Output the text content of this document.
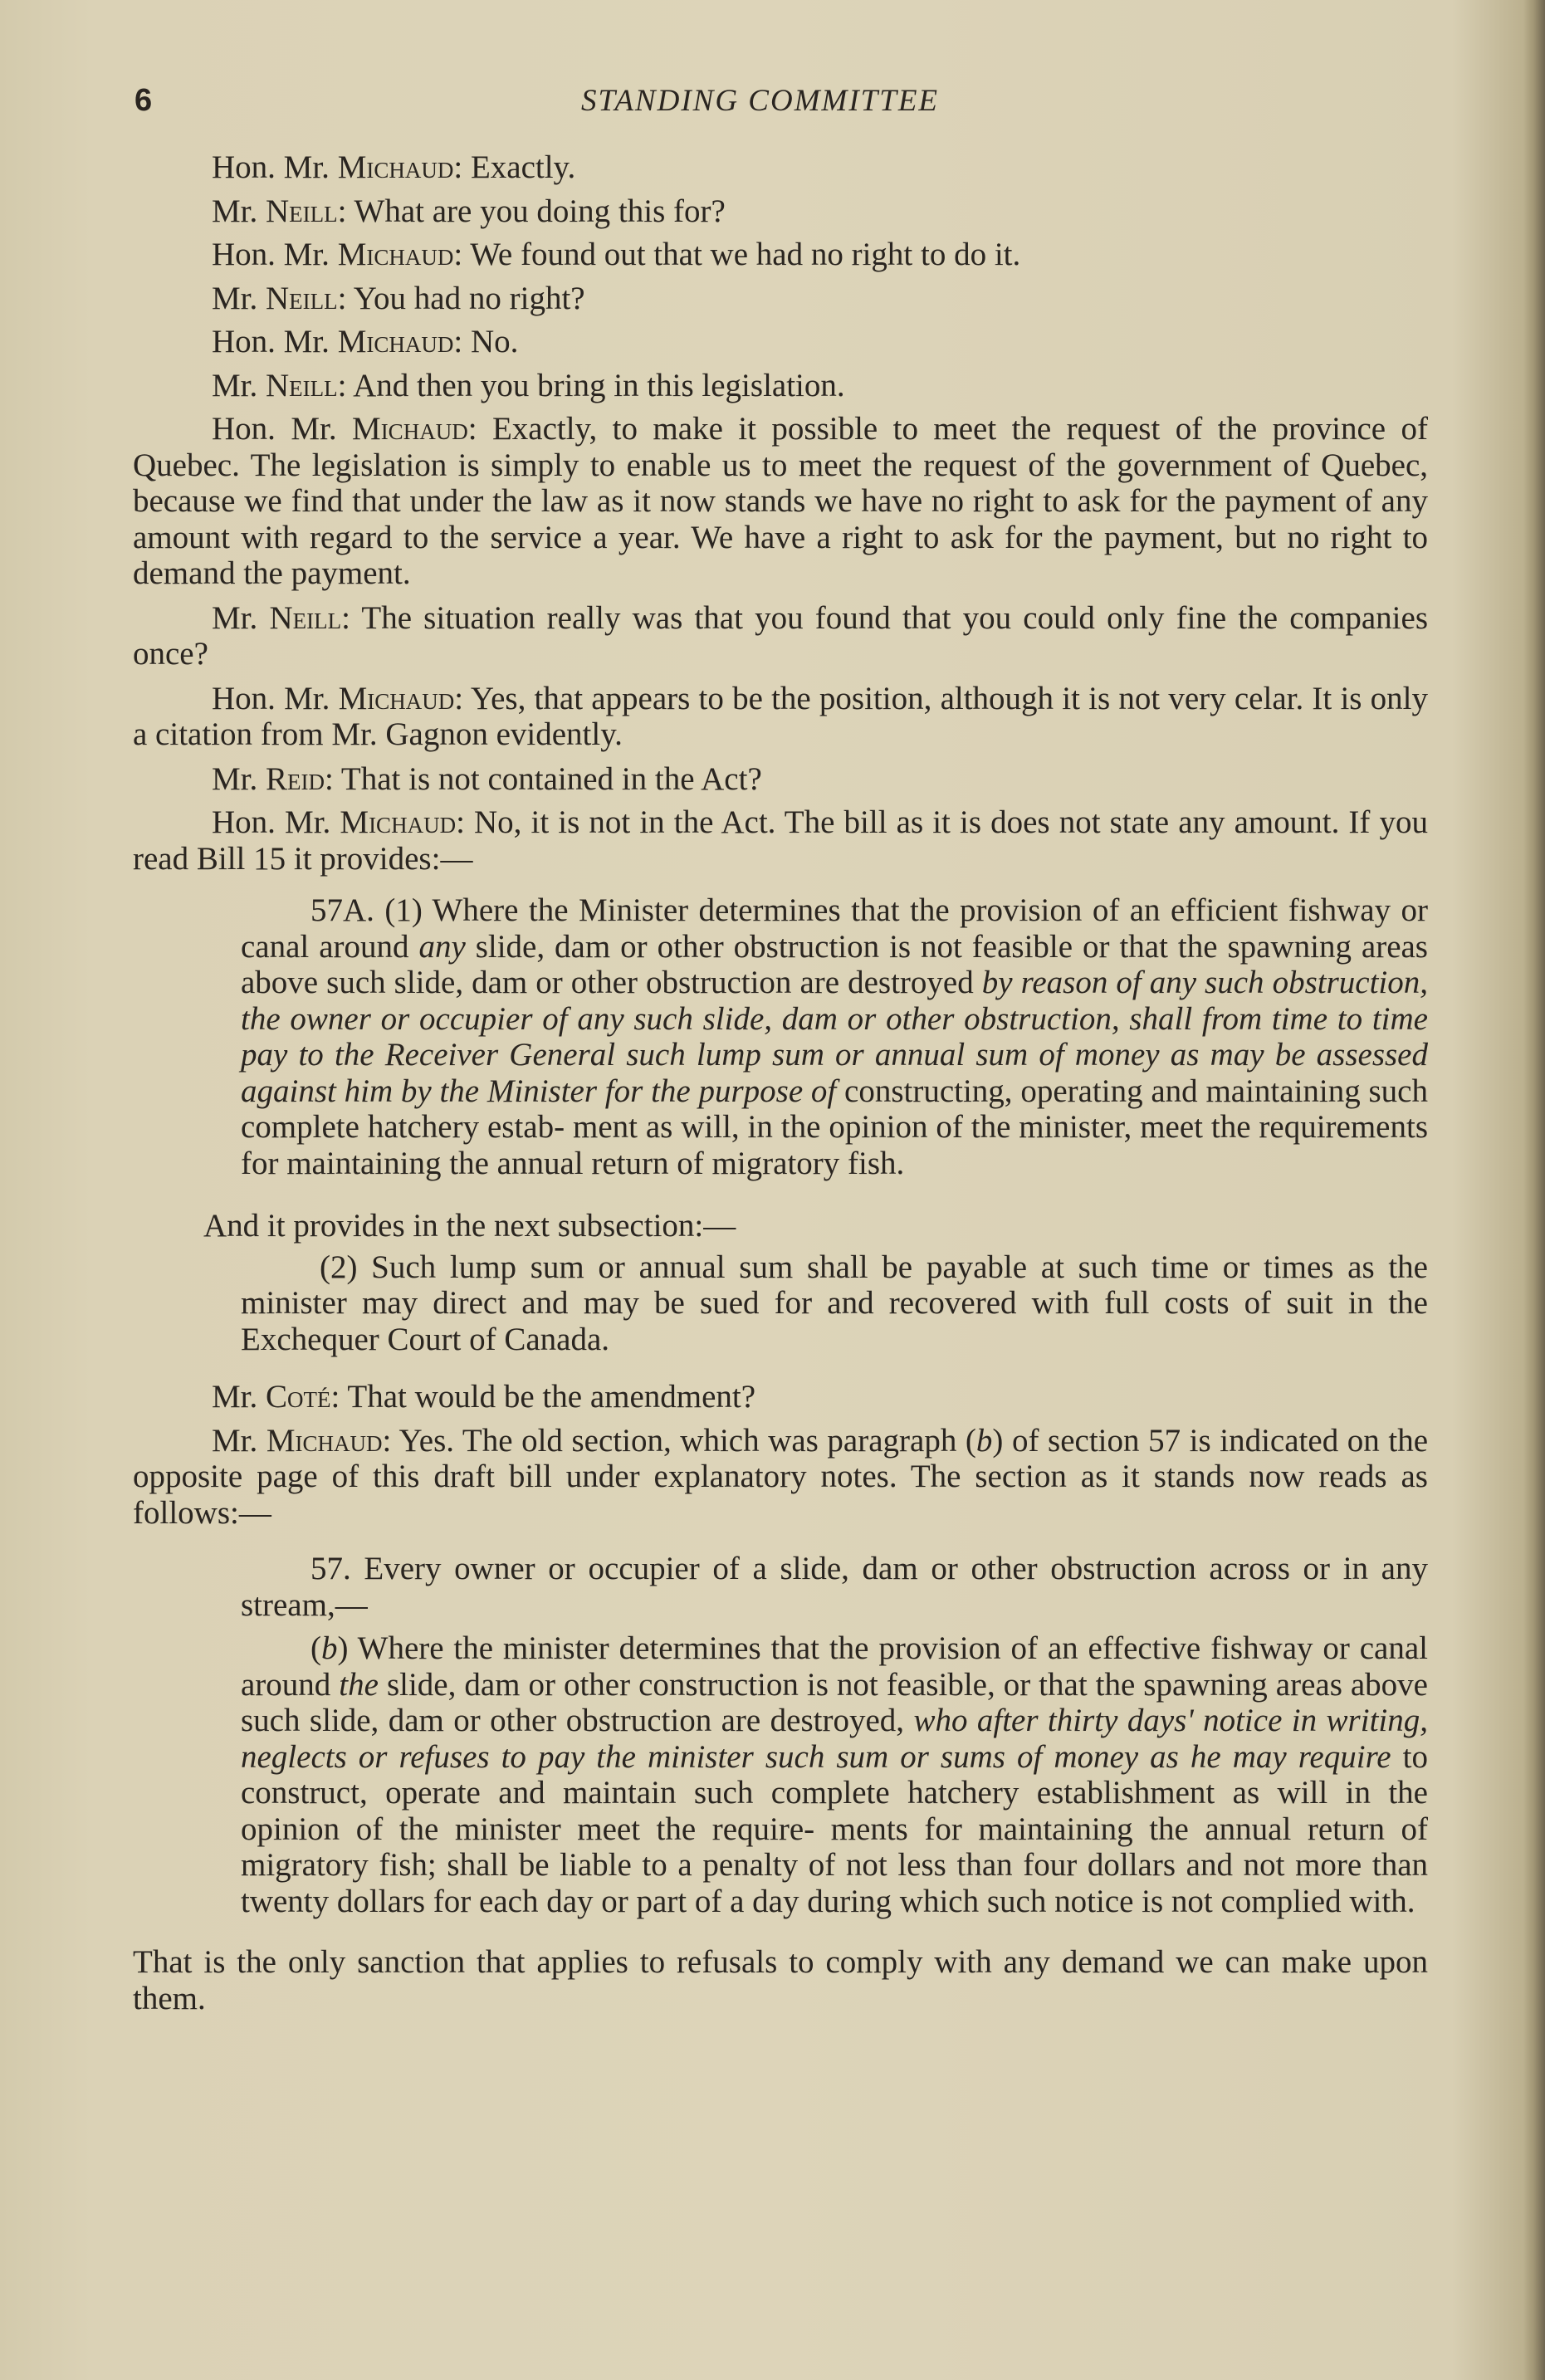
6	STANDING COMMITTEE

Hon. Mr. Michaud: Exactly.

Mr. Neill: What are you doing this for?

Hon. Mr. Michaud: We found out that we had no right to do it.

Mr. Neill: You had no right?

Hon. Mr. Michaud: No.

Mr. Neill: And then you bring in this legislation.

Hon. Mr. Michaud: Exactly, to make it possible to meet the request of the province of Quebec. The legislation is simply to enable us to meet the request of the government of Quebec, because we find that under the law as it now stands we have no right to ask for the payment of any amount with regard to the service a year. We have a right to ask for the payment, but no right to demand the payment.

Mr. Neill: The situation really was that you found that you could only fine the companies once?

Hon. Mr. Michaud: Yes, that appears to be the position, although it is not very celar. It is only a citation from Mr. Gagnon evidently.

Mr. Reid: That is not contained in the Act?

Hon. Mr. Michaud: No, it is not in the Act. The bill as it is does not state any amount. If you read Bill 15 it provides:—

57A. (1) Where the Minister determines that the provision of an efficient fishway or canal around any slide, dam or other obstruction is not feasible or that the spawning areas above such slide, dam or other obstruction are destroyed by reason of any such obstruction, the owner or occupier of any such slide, dam or other obstruction, shall from time to time pay to the Receiver General such lump sum or annual sum of money as may be assessed against him by the Minister for the purpose of constructing, operating and maintaining such complete hatchery estab- ment as will, in the opinion of the minister, meet the requirements for maintaining the annual return of migratory fish.

And it provides in the next subsection:—

(2) Such lump sum or annual sum shall be payable at such time or times as the minister may direct and may be sued for and recovered with full costs of suit in the Exchequer Court of Canada.

Mr. Coté: That would be the amendment?

Mr. Michaud: Yes. The old section, which was paragraph (b) of section 57 is indicated on the opposite page of this draft bill under explanatory notes. The section as it stands now reads as follows:—

57. Every owner or occupier of a slide, dam or other obstruction across or in any stream,—

(b) Where the minister determines that the provision of an effective fishway or canal around the slide, dam or other construction is not feasible, or that the spawning areas above such slide, dam or other obstruction are destroyed, who after thirty days' notice in writing, neglects or refuses to pay the minister such sum or sums of money as he may require to construct, operate and maintain such complete hatchery establishment as will in the opinion of the minister meet the require- ments for maintaining the annual return of migratory fish; shall be liable to a penalty of not less than four dollars and not more than twenty dollars for each day or part of a day during which such notice is not complied with.

That is the only sanction that applies to refusals to comply with any demand we can make upon them.
